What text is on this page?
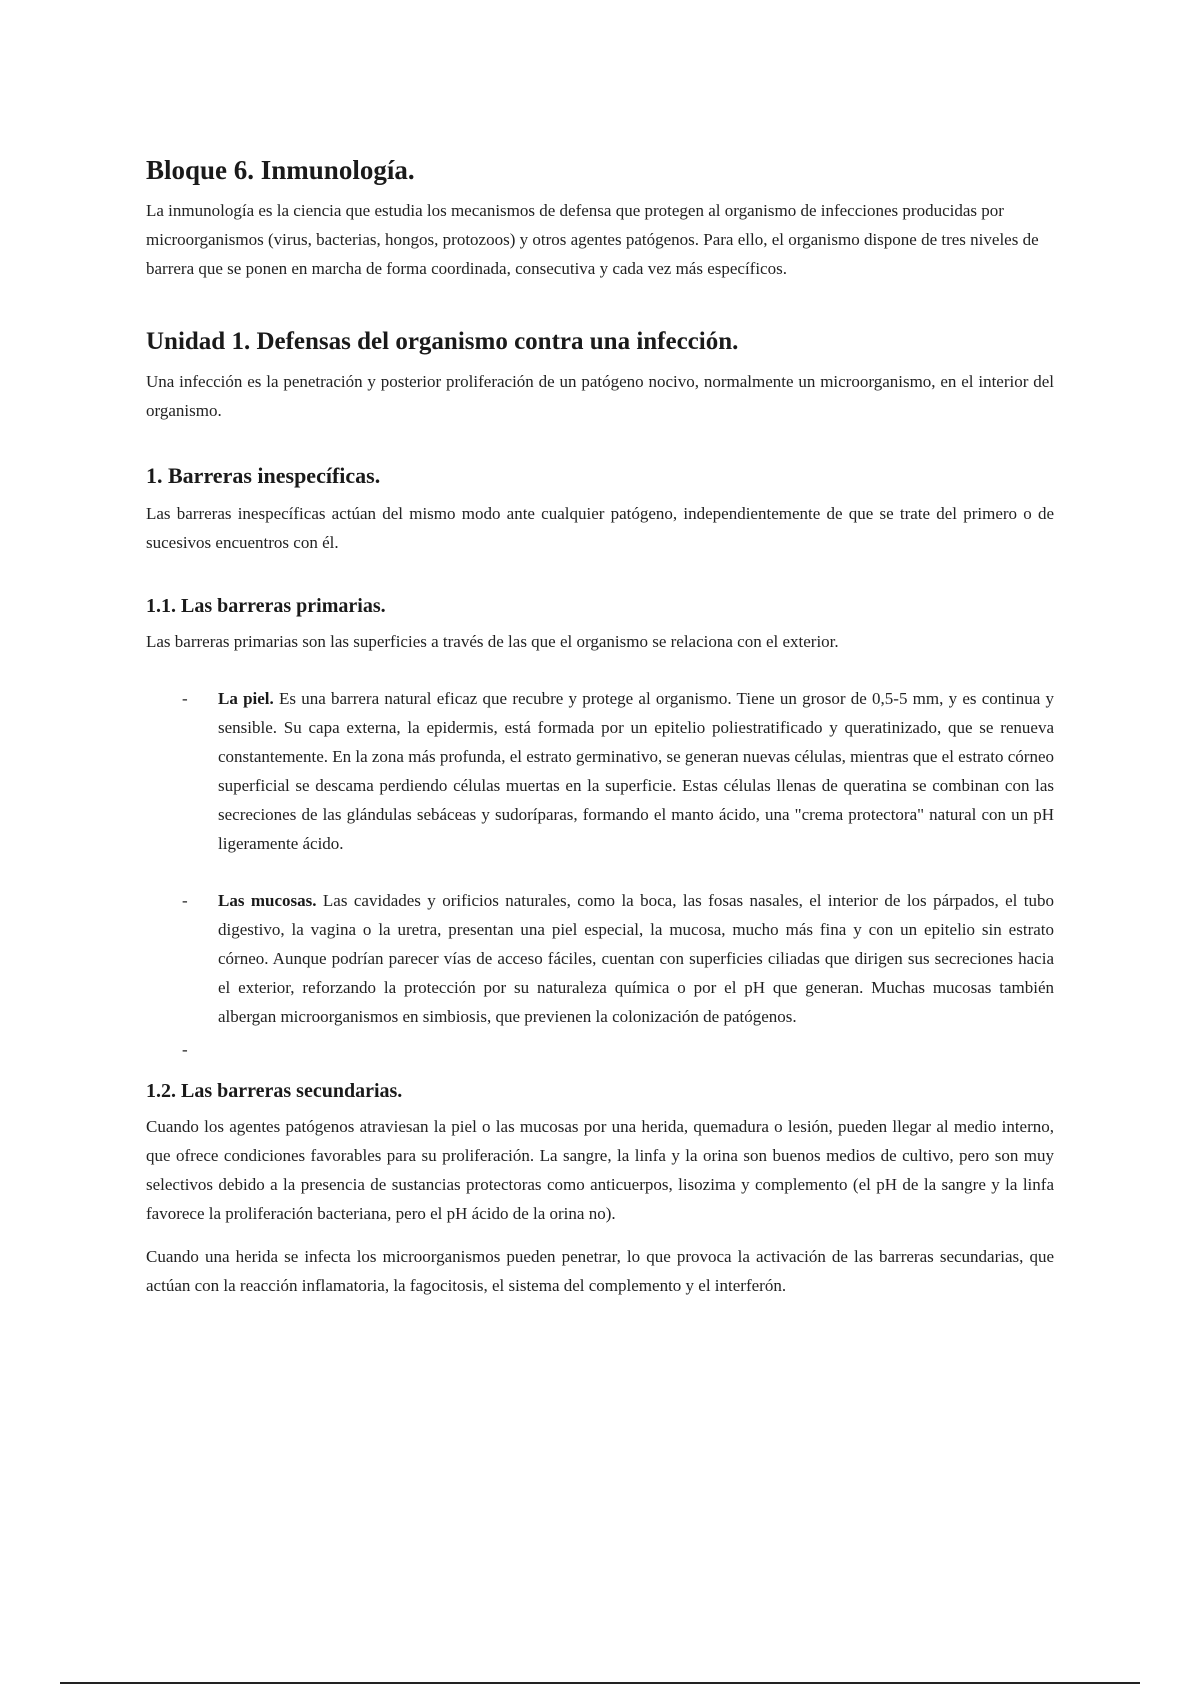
Bloque 6. Inmunología.

La inmunología es la ciencia que estudia los mecanismos de defensa que protegen al organismo de infecciones producidas por microorganismos (virus, bacterias, hongos, protozoos) y otros agentes patógenos. Para ello, el organismo dispone de tres niveles de barrera que se ponen en marcha de forma coordinada, consecutiva y cada vez más específicos.

Unidad 1. Defensas del organismo contra una infección.

Una infección es la penetración y posterior proliferación de un patógeno nocivo, normalmente un microorganismo, en el interior del organismo.

1. Barreras inespecíficas.

Las barreras inespecíficas actúan del mismo modo ante cualquier patógeno, independientemente de que se trate del primero o de sucesivos encuentros con él.

1.1. Las barreras primarias.

Las barreras primarias son las superficies a través de las que el organismo se relaciona con el exterior.

- La piel. Es una barrera natural eficaz que recubre y protege al organismo. Tiene un grosor de 0,5-5 mm, y es continua y sensible. Su capa externa, la epidermis, está formada por un epitelio poliestratificado y queratinizado, que se renueva constantemente. En la zona más profunda, el estrato germinativo, se generan nuevas células, mientras que el estrato córneo superficial se descama perdiendo células muertas en la superficie. Estas células llenas de queratina se combinan con las secreciones de las glándulas sebáceas y sudoríparas, formando el manto ácido, una "crema protectora" natural con un pH ligeramente ácido.
- Las mucosas. Las cavidades y orificios naturales, como la boca, las fosas nasales, el interior de los párpados, el tubo digestivo, la vagina o la uretra, presentan una piel especial, la mucosa, mucho más fina y con un epitelio sin estrato córneo. Aunque podrían parecer vías de acceso fáciles, cuentan con superficies ciliadas que dirigen sus secreciones hacia el exterior, reforzando la protección por su naturaleza química o por el pH que generan. Muchas mucosas también albergan microorganismos en simbiosis, que previenen la colonización de patógenos.
-
1.2. Las barreras secundarias.

Cuando los agentes patógenos atraviesan la piel o las mucosas por una herida, quemadura o lesión, pueden llegar al medio interno, que ofrece condiciones favorables para su proliferación. La sangre, la linfa y la orina son buenos medios de cultivo, pero son muy selectivos debido a la presencia de sustancias protectoras como anticuerpos, lisozima y complemento (el pH de la sangre y la linfa favorece la proliferación bacteriana, pero el pH ácido de la orina no).

Cuando una herida se infecta los microorganismos pueden penetrar, lo que provoca la activación de las barreras secundarias, que actúan con la reacción inflamatoria, la fagocitosis, el sistema del complemento y el interferón.
